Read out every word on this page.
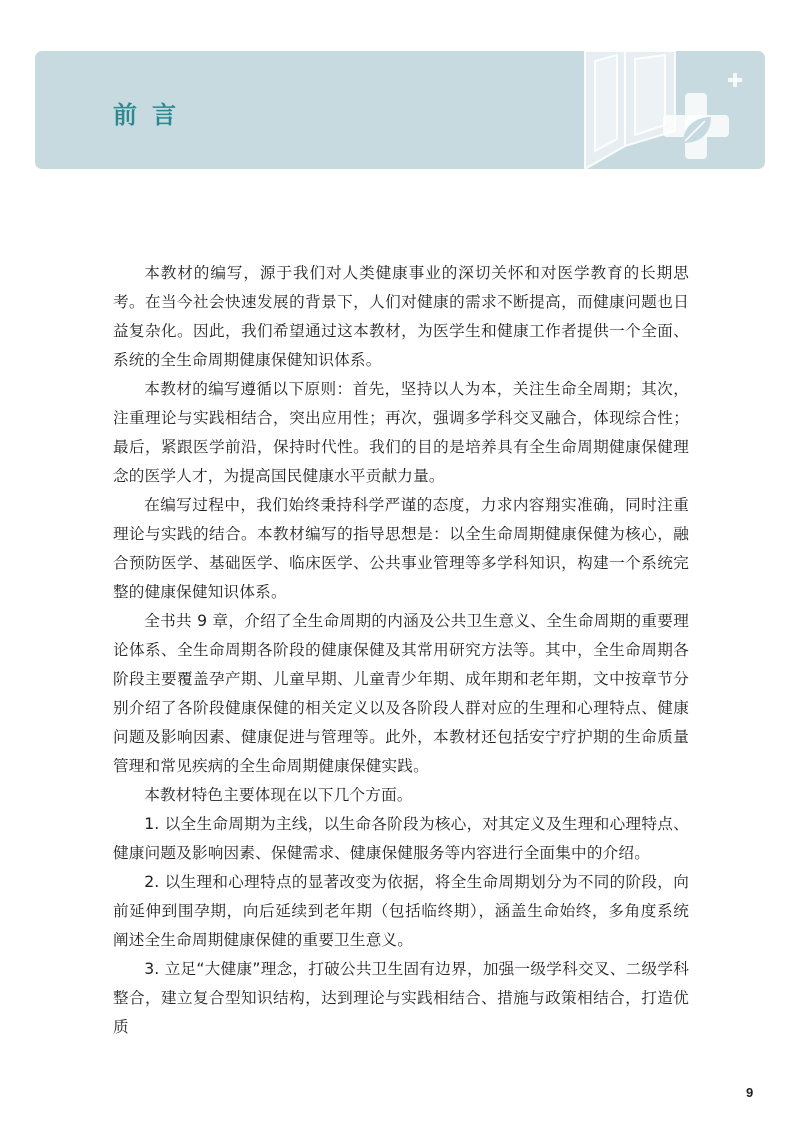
前言

本教材的编写，源于我们对人类健康事业的深切关怀和对医学教育的长期思考。在当今社会快速发展的背景下，人们对健康的需求不断提高，而健康问题也日益复杂化。因此，我们希望通过这本教材，为医学生和健康工作者提供一个全面、系统的全生命周期健康保健知识体系。

本教材的编写遵循以下原则：首先，坚持以人为本，关注生命全周期；其次，注重理论与实践相结合，突出应用性；再次，强调多学科交叉融合，体现综合性；最后，紧跟医学前沿，保持时代性。我们的目的是培养具有全生命周期健康保健理念的医学人才，为提高国民健康水平贡献力量。

在编写过程中，我们始终秉持科学严谨的态度，力求内容翔实准确，同时注重理论与实践的结合。本教材编写的指导思想是：以全生命周期健康保健为核心，融合预防医学、基础医学、临床医学、公共事业管理等多学科知识，构建一个系统完整的健康保健知识体系。

全书共 9 章，介绍了全生命周期的内涵及公共卫生意义、全生命周期的重要理论体系、全生命周期各阶段的健康保健及其常用研究方法等。其中，全生命周期各阶段主要覆盖孕产期、儿童早期、儿童青少年期、成年期和老年期，文中按章节分别介绍了各阶段健康保健的相关定义以及各阶段人群对应的生理和心理特点、健康问题及影响因素、健康促进与管理等。此外，本教材还包括安宁疗护期的生命质量管理和常见疾病的全生命周期健康保健实践。

本教材特色主要体现在以下几个方面。

1. 以全生命周期为主线，以生命各阶段为核心，对其定义及生理和心理特点、健康问题及影响因素、保健需求、健康保健服务等内容进行全面集中的介绍。

2. 以生理和心理特点的显著改变为依据，将全生命周期划分为不同的阶段，向前延伸到围孕期，向后延续到老年期（包括临终期），涵盖生命始终，多角度系统阐述全生命周期健康保健的重要卫生意义。

3. 立足“大健康”理念，打破公共卫生固有边界，加强一级学科交叉、二级学科整合，建立复合型知识结构，达到理论与实践相结合、措施与政策相结合，打造优质

9
